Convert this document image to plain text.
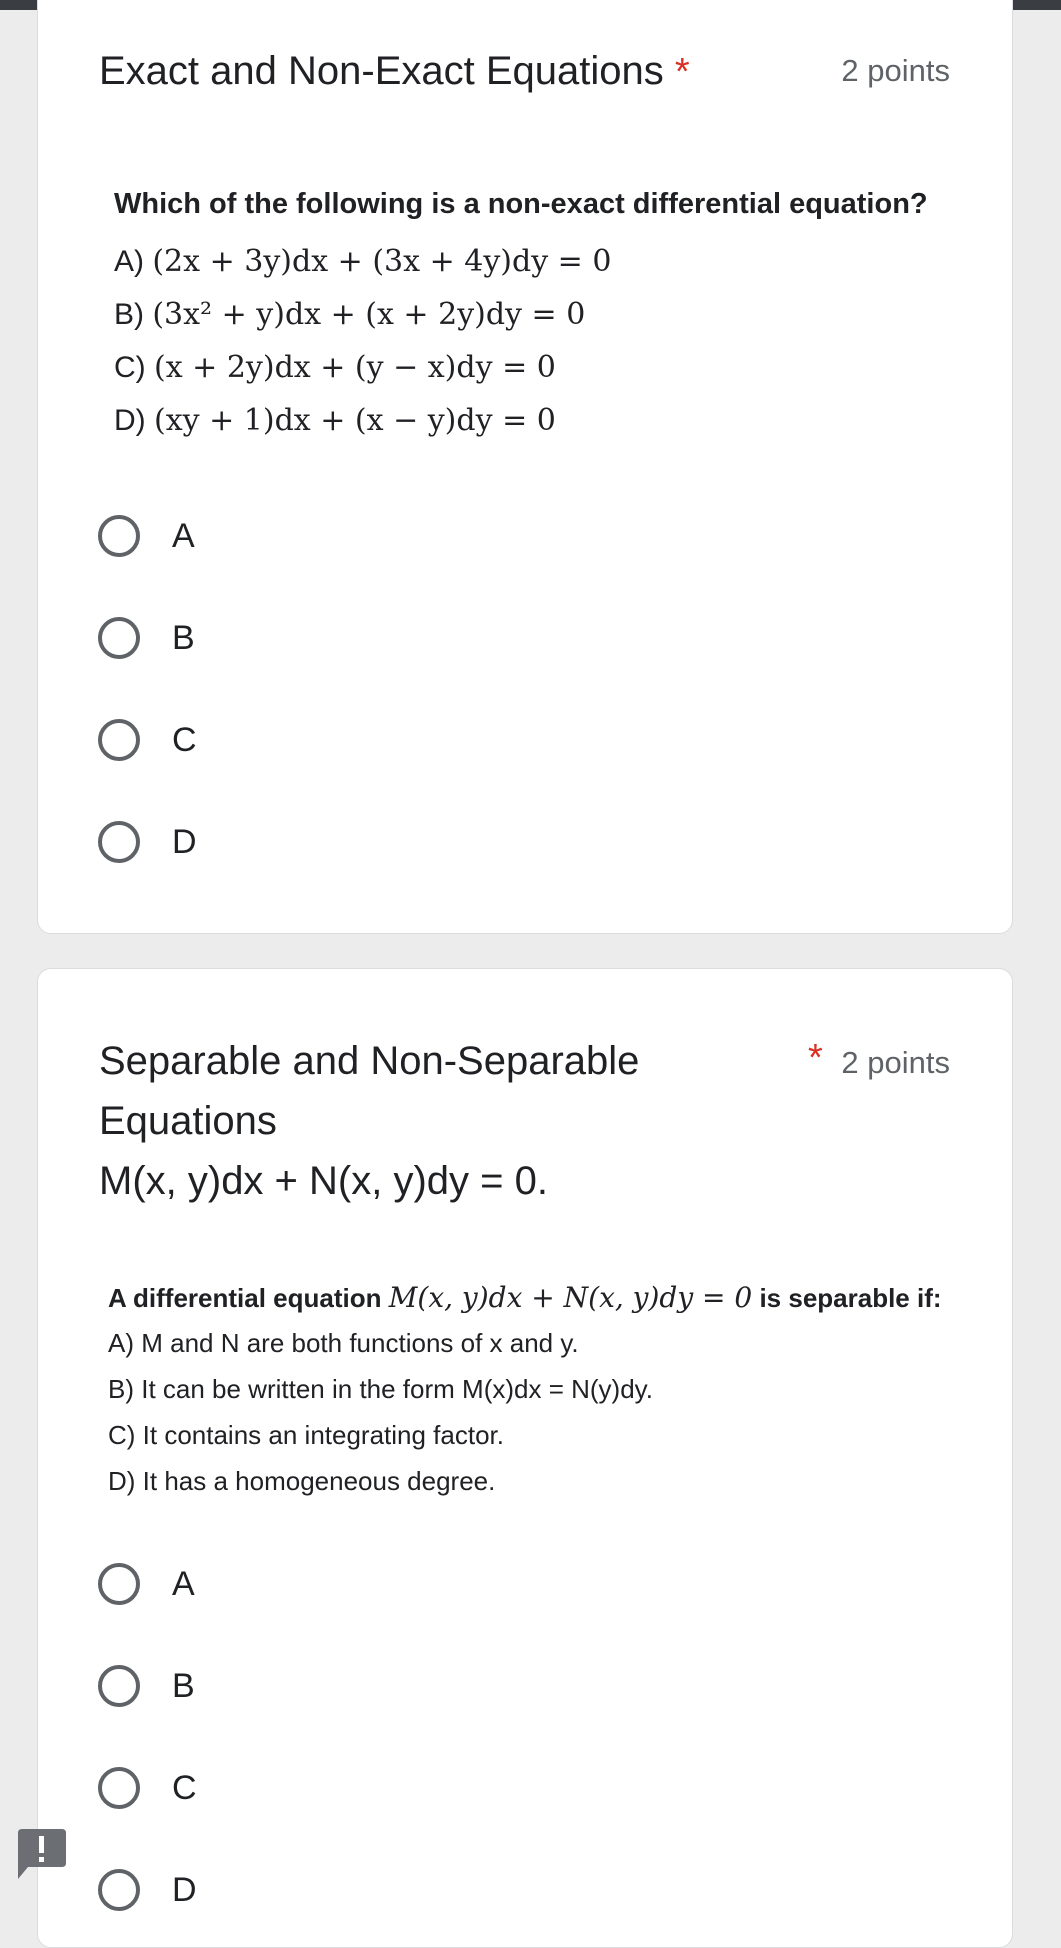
Exact and Non-Exact Equations *	2 points
Which of the following is a non-exact differential equation?
A) (2x + 3y)dx + (3x + 4y)dy = 0
B) (3x² + y)dx + (x + 2y)dy = 0
C) (x + 2y)dx + (y − x)dy = 0
D) (xy + 1)dx + (x − y)dy = 0
A
B
C
D
Separable and Non-Separable
Equations
M(x, y)dx + N(x, y)dy = 0.
* 2 points
A differential equation M(x, y)dx + N(x, y)dy = 0 is separable if:
A) M and N are both functions of x and y.
B) It can be written in the form M(x)dx = N(y)dy.
C) It contains an integrating factor.
D) It has a homogeneous degree.
A
B
C
D
